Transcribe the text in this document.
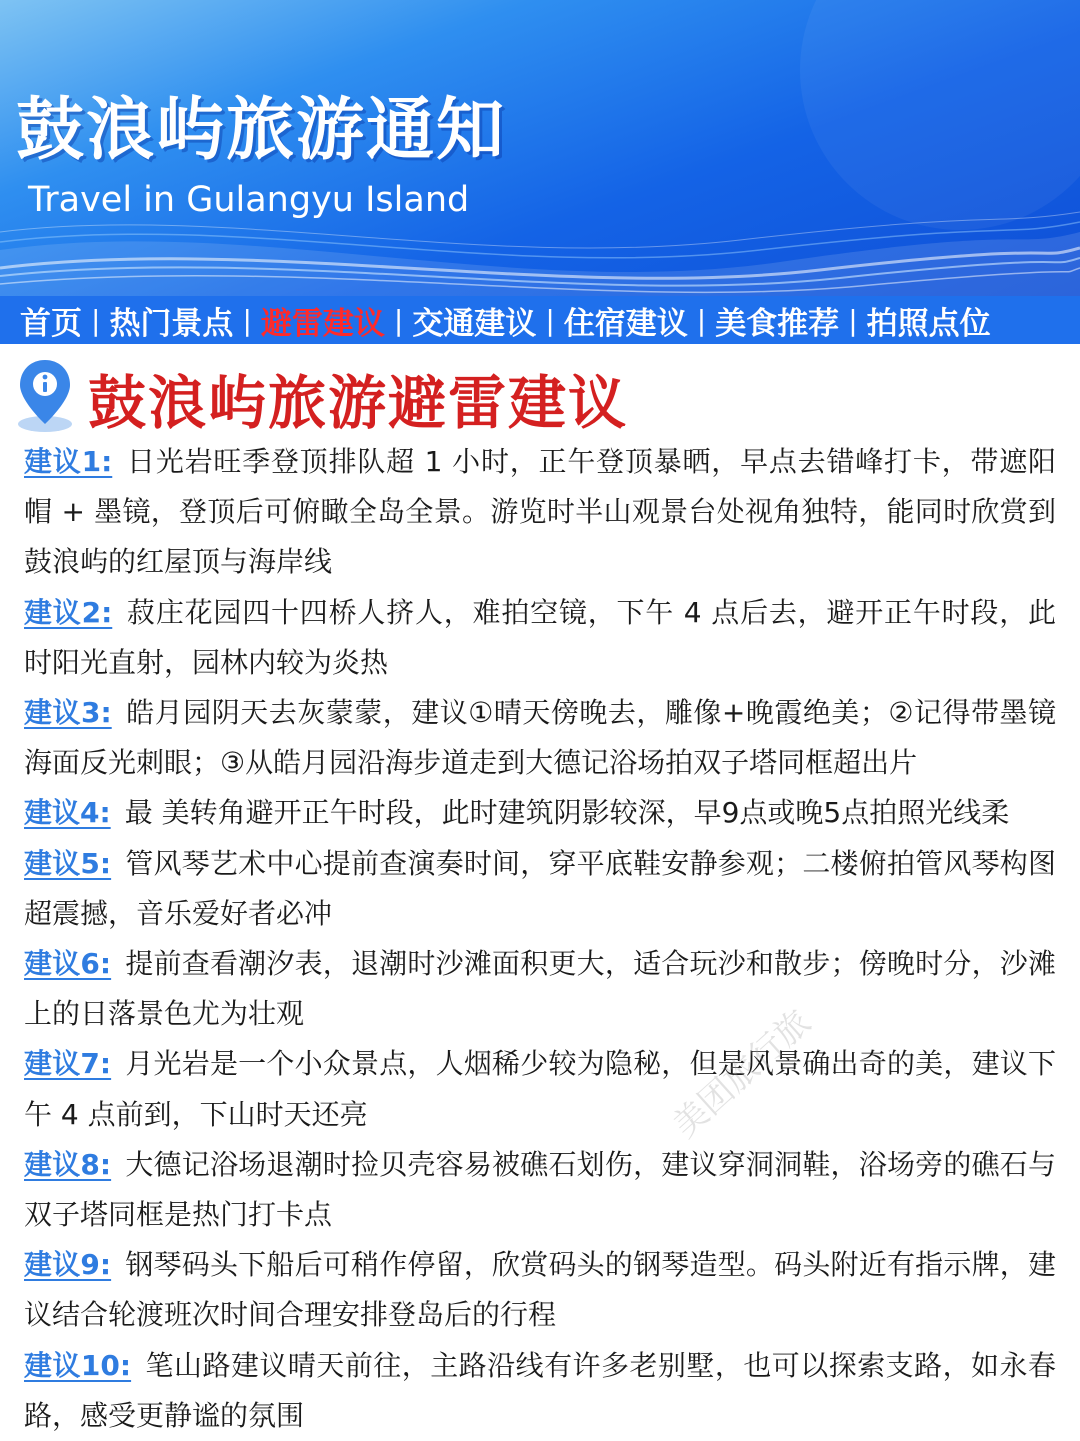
鼓浪屿旅游通知
Travel in Gulangyu Island
首页 | 热门景点 | 避雷建议 | 交通建议 | 住宿建议 | 美食推荐 | 拍照点位
鼓浪屿旅游避雷建议

建议1: 日光岩旺季登顶排队超 1 小时，正午登顶暴晒，早点去错峰打卡，带遮阳帽 + 墨镜，登顶后可俯瞰全岛全景。游览时半山观景台处视角独特，能同时欣赏到鼓浪屿的红屋顶与海岸线

建议2: 菽庄花园四十四桥人挤人，难拍空镜，下午 4 点后去，避开正午时段，此时阳光直射，园林内较为炎热

建议3: 皓月园阴天去灰蒙蒙，建议①晴天傍晚去，雕像+晚霞绝美；②记得带墨镜海面反光刺眼；③从皓月园沿海步道走到大德记浴场拍双子塔同框超出片

建议4: 最 美转角避开正午时段，此时建筑阴影较深，早9点或晚5点拍照光线柔

建议5: 管风琴艺术中心提前查演奏时间，穿平底鞋安静参观；二楼俯拍管风琴构图超震撼，音乐爱好者必冲

建议6: 提前查看潮汐表，退潮时沙滩面积更大，适合玩沙和散步；傍晚时分，沙滩上的日落景色尤为壮观

建议7: 月光岩是一个小众景点，人烟稀少较为隐秘，但是风景确出奇的美，建议下午 4 点前到，下山时天还亮

建议8: 大德记浴场退潮时捡贝壳容易被礁石划伤，建议穿洞洞鞋，浴场旁的礁石与双子塔同框是热门打卡点

建议9: 钢琴码头下船后可稍作停留，欣赏码头的钢琴造型。码头附近有指示牌，建议结合轮渡班次时间合理安排登岛后的行程

建议10: 笔山路建议晴天前往，主路沿线有许多老别墅，也可以探索支路，如永春路，感受更静谧的氛围

美团旅行旅
